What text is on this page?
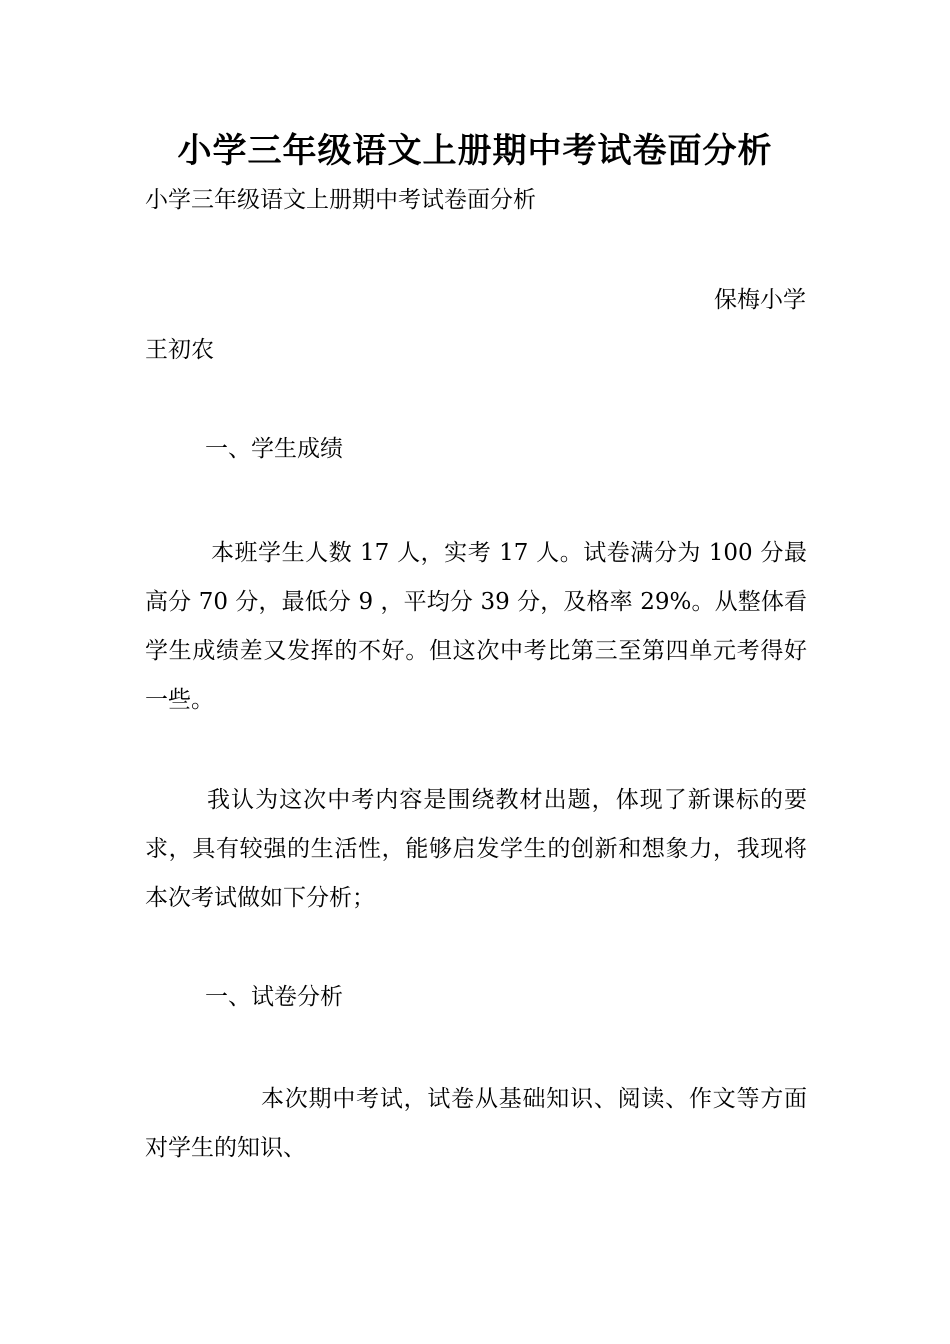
小学三年级语文上册期中考试卷面分析
小学三年级语文上册期中考试卷面分析
保梅小学
王初农
一、学生成绩

本班学生人数 17 人，实考 17 人。试卷满分为 100 分最高分 70 分，最低分 9 ，平均分 39 分，及格率 29%。从整体看学生成绩差又发挥的不好。但这次中考比第三至第四单元考得好一些。

我认为这次中考内容是围绕教材出题，体现了新课标的要求，具有较强的生活性，能够启发学生的创新和想象力，我现将本次考试做如下分析；

一、试卷分析

本次期中考试，试卷从基础知识、阅读、作文等方面对学生的知识、
